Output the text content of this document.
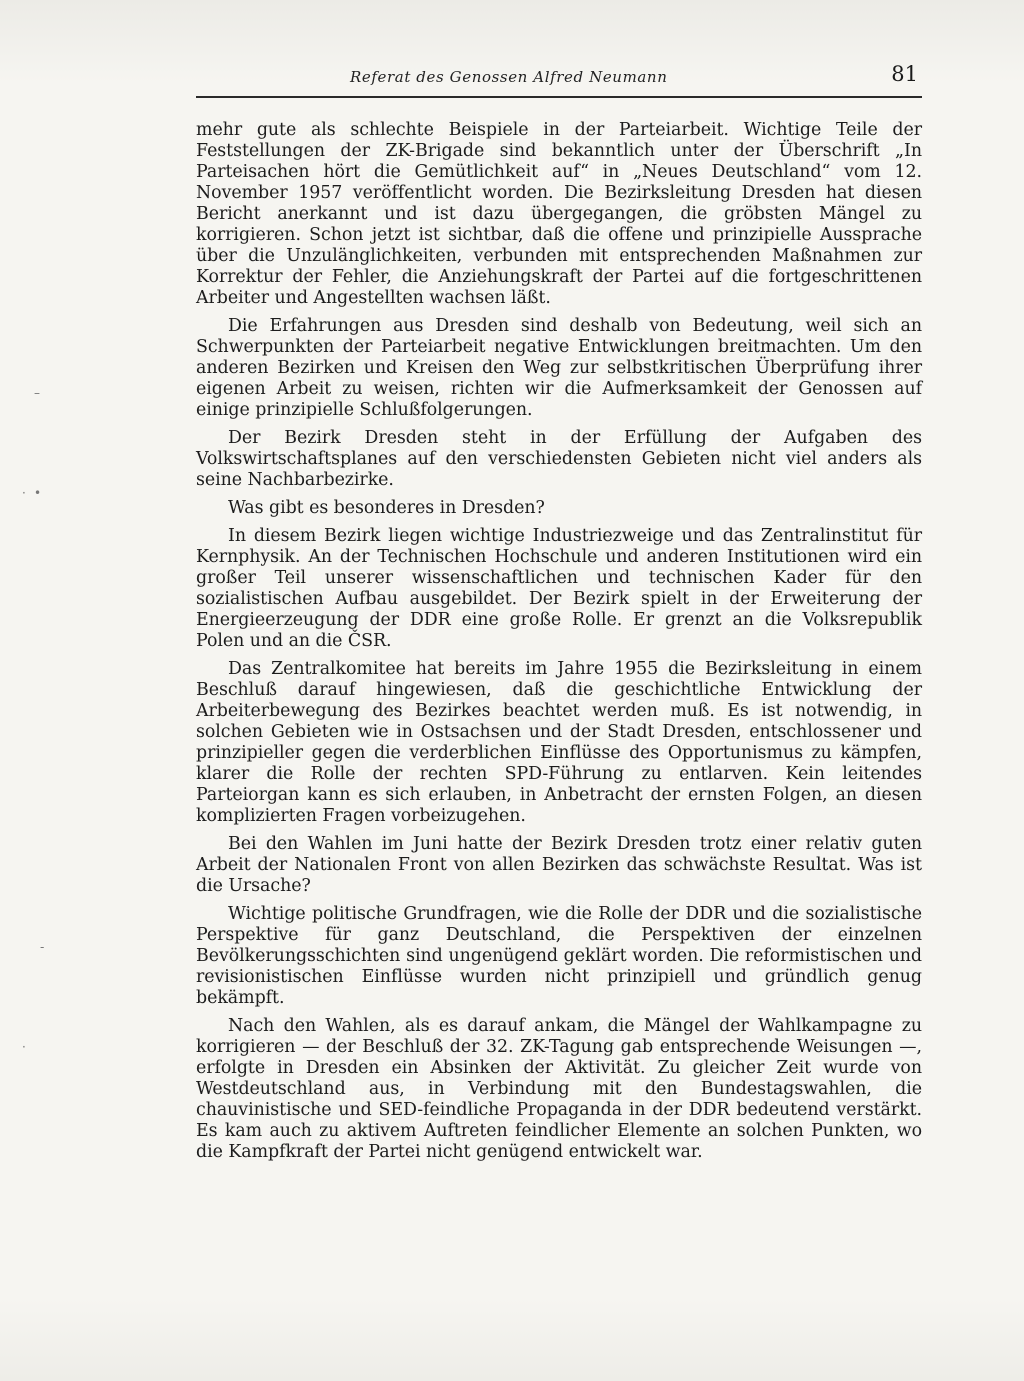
Referat des Genossen Alfred Neumann	81

mehr gute als schlechte Beispiele in der Parteiarbeit. Wichtige Teile der Feststellungen der ZK-Brigade sind bekanntlich unter der Überschrift „In Parteisachen hört die Gemütlichkeit auf“ in „Neues Deutschland“ vom 12. November 1957 veröffentlicht worden. Die Bezirksleitung Dresden hat diesen Bericht anerkannt und ist dazu übergegangen, die gröbsten Mängel zu korrigieren. Schon jetzt ist sichtbar, daß die offene und prinzipielle Aussprache über die Unzulänglichkeiten, verbunden mit entsprechenden Maßnahmen zur Korrektur der Fehler, die Anziehungskraft der Partei auf die fortgeschrittenen Arbeiter und Angestellten wachsen läßt.

Die Erfahrungen aus Dresden sind deshalb von Bedeutung, weil sich an Schwerpunkten der Parteiarbeit negative Entwicklungen breitmachten. Um den anderen Bezirken und Kreisen den Weg zur selbstkritischen Überprüfung ihrer eigenen Arbeit zu weisen, richten wir die Aufmerksamkeit der Genossen auf einige prinzipielle Schlußfolgerungen.

Der Bezirk Dresden steht in der Erfüllung der Aufgaben des Volkswirtschaftsplanes auf den verschiedensten Gebieten nicht viel anders als seine Nachbarbezirke.

Was gibt es besonderes in Dresden?

In diesem Bezirk liegen wichtige Industriezweige und das Zentralinstitut für Kernphysik. An der Technischen Hochschule und anderen Institutionen wird ein großer Teil unserer wissenschaftlichen und technischen Kader für den sozialistischen Aufbau ausgebildet. Der Bezirk spielt in der Erweiterung der Energieerzeugung der DDR eine große Rolle. Er grenzt an die Volksrepublik Polen und an die ČSR.

Das Zentralkomitee hat bereits im Jahre 1955 die Bezirksleitung in einem Beschluß darauf hingewiesen, daß die geschichtliche Entwicklung der Arbeiterbewegung des Bezirkes beachtet werden muß. Es ist notwendig, in solchen Gebieten wie in Ostsachsen und der Stadt Dresden, entschlossener und prinzipieller gegen die verderblichen Einflüsse des Opportunismus zu kämpfen, klarer die Rolle der rechten SPD-Führung zu entlarven. Kein leitendes Parteiorgan kann es sich erlauben, in Anbetracht der ernsten Folgen, an diesen komplizierten Fragen vorbeizugehen.

Bei den Wahlen im Juni hatte der Bezirk Dresden trotz einer relativ guten Arbeit der Nationalen Front von allen Bezirken das schwächste Resultat. Was ist die Ursache?

Wichtige politische Grundfragen, wie die Rolle der DDR und die sozialistische Perspektive für ganz Deutschland, die Perspektiven der einzelnen Bevölkerungsschichten sind ungenügend geklärt worden. Die reformistischen und revisionistischen Einflüsse wurden nicht prinzipiell und gründlich genug bekämpft.

Nach den Wahlen, als es darauf ankam, die Mängel der Wahlkampagne zu korrigieren — der Beschluß der 32. ZK-Tagung gab entsprechende Weisungen —, erfolgte in Dresden ein Absinken der Aktivität. Zu gleicher Zeit wurde von Westdeutschland aus, in Verbindung mit den Bundestagswahlen, die chauvinistische und SED-feindliche Propaganda in der DDR bedeutend verstärkt. Es kam auch zu aktivem Auftreten feindlicher Elemente an solchen Punkten, wo die Kampfkraft der Partei nicht genügend entwickelt war.

–
· •
-
·
